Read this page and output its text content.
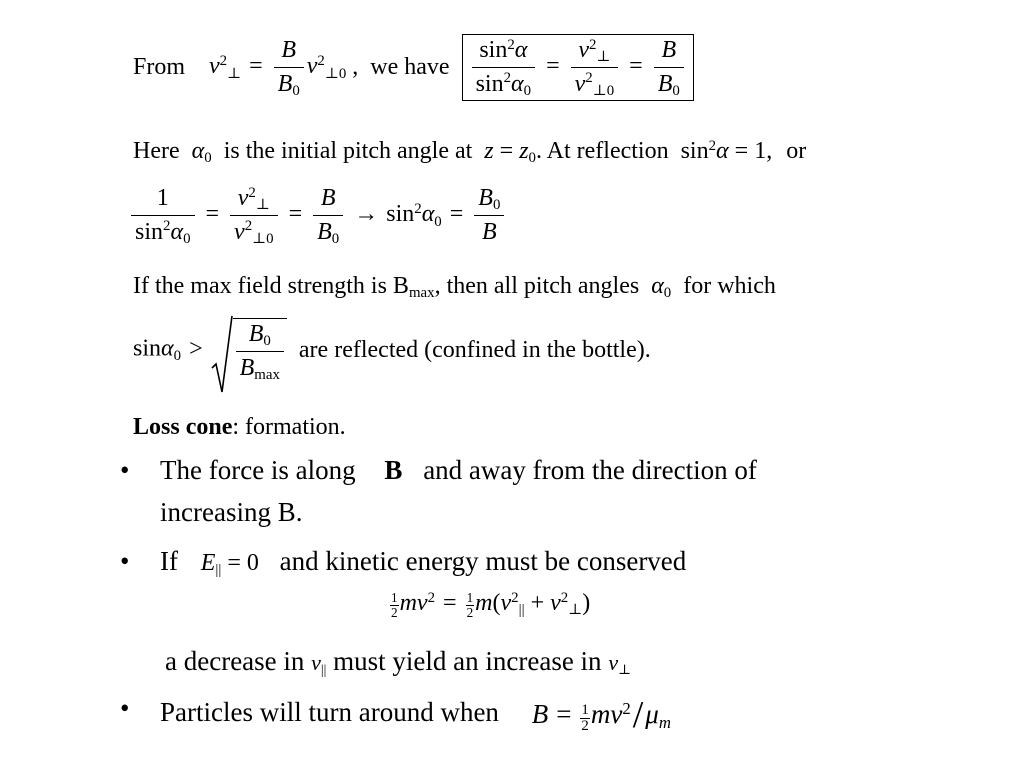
From $v^2_\perp = \frac{B}{B_0} v^2_{\perp 0}$ , we have $\frac{\sin^2\alpha}{\sin^2\alpha_0} = \frac{v^2_\perp}{v^2_{\perp 0}} = \frac{B}{B_0}$
Here $\alpha_0$ is the initial pitch angle at $z = z_0$. At reflection $\sin^2\alpha = 1$, or
$\frac{1}{\sin^2\alpha_0} = \frac{v^2_\perp}{v^2_{\perp 0}} = \frac{B}{B_0} \to \sin^2\alpha_0 = \frac{B_0}{B}$
If the max field strength is $B_{max}$, then all pitch angles $\alpha_0$ for which
$\sin\alpha_0 > \frac{B_0}{B_{max}}$ are reflected (confined in the bottle).
Loss cone: formation.
• The force is along B and away from the direction of
increasing B.
• If $E_{||} = 0$ and kinetic energy must be conserved
$\frac{1}{2} mv^2 = \frac{1}{2} m(v^2_{||} + v^2_\perp)$
a decrease in $v_{||}$ must yield an increase in $v_\perp$
• Particles will turn around when $B = \frac{1}{2} mv^2/\mu_m$
